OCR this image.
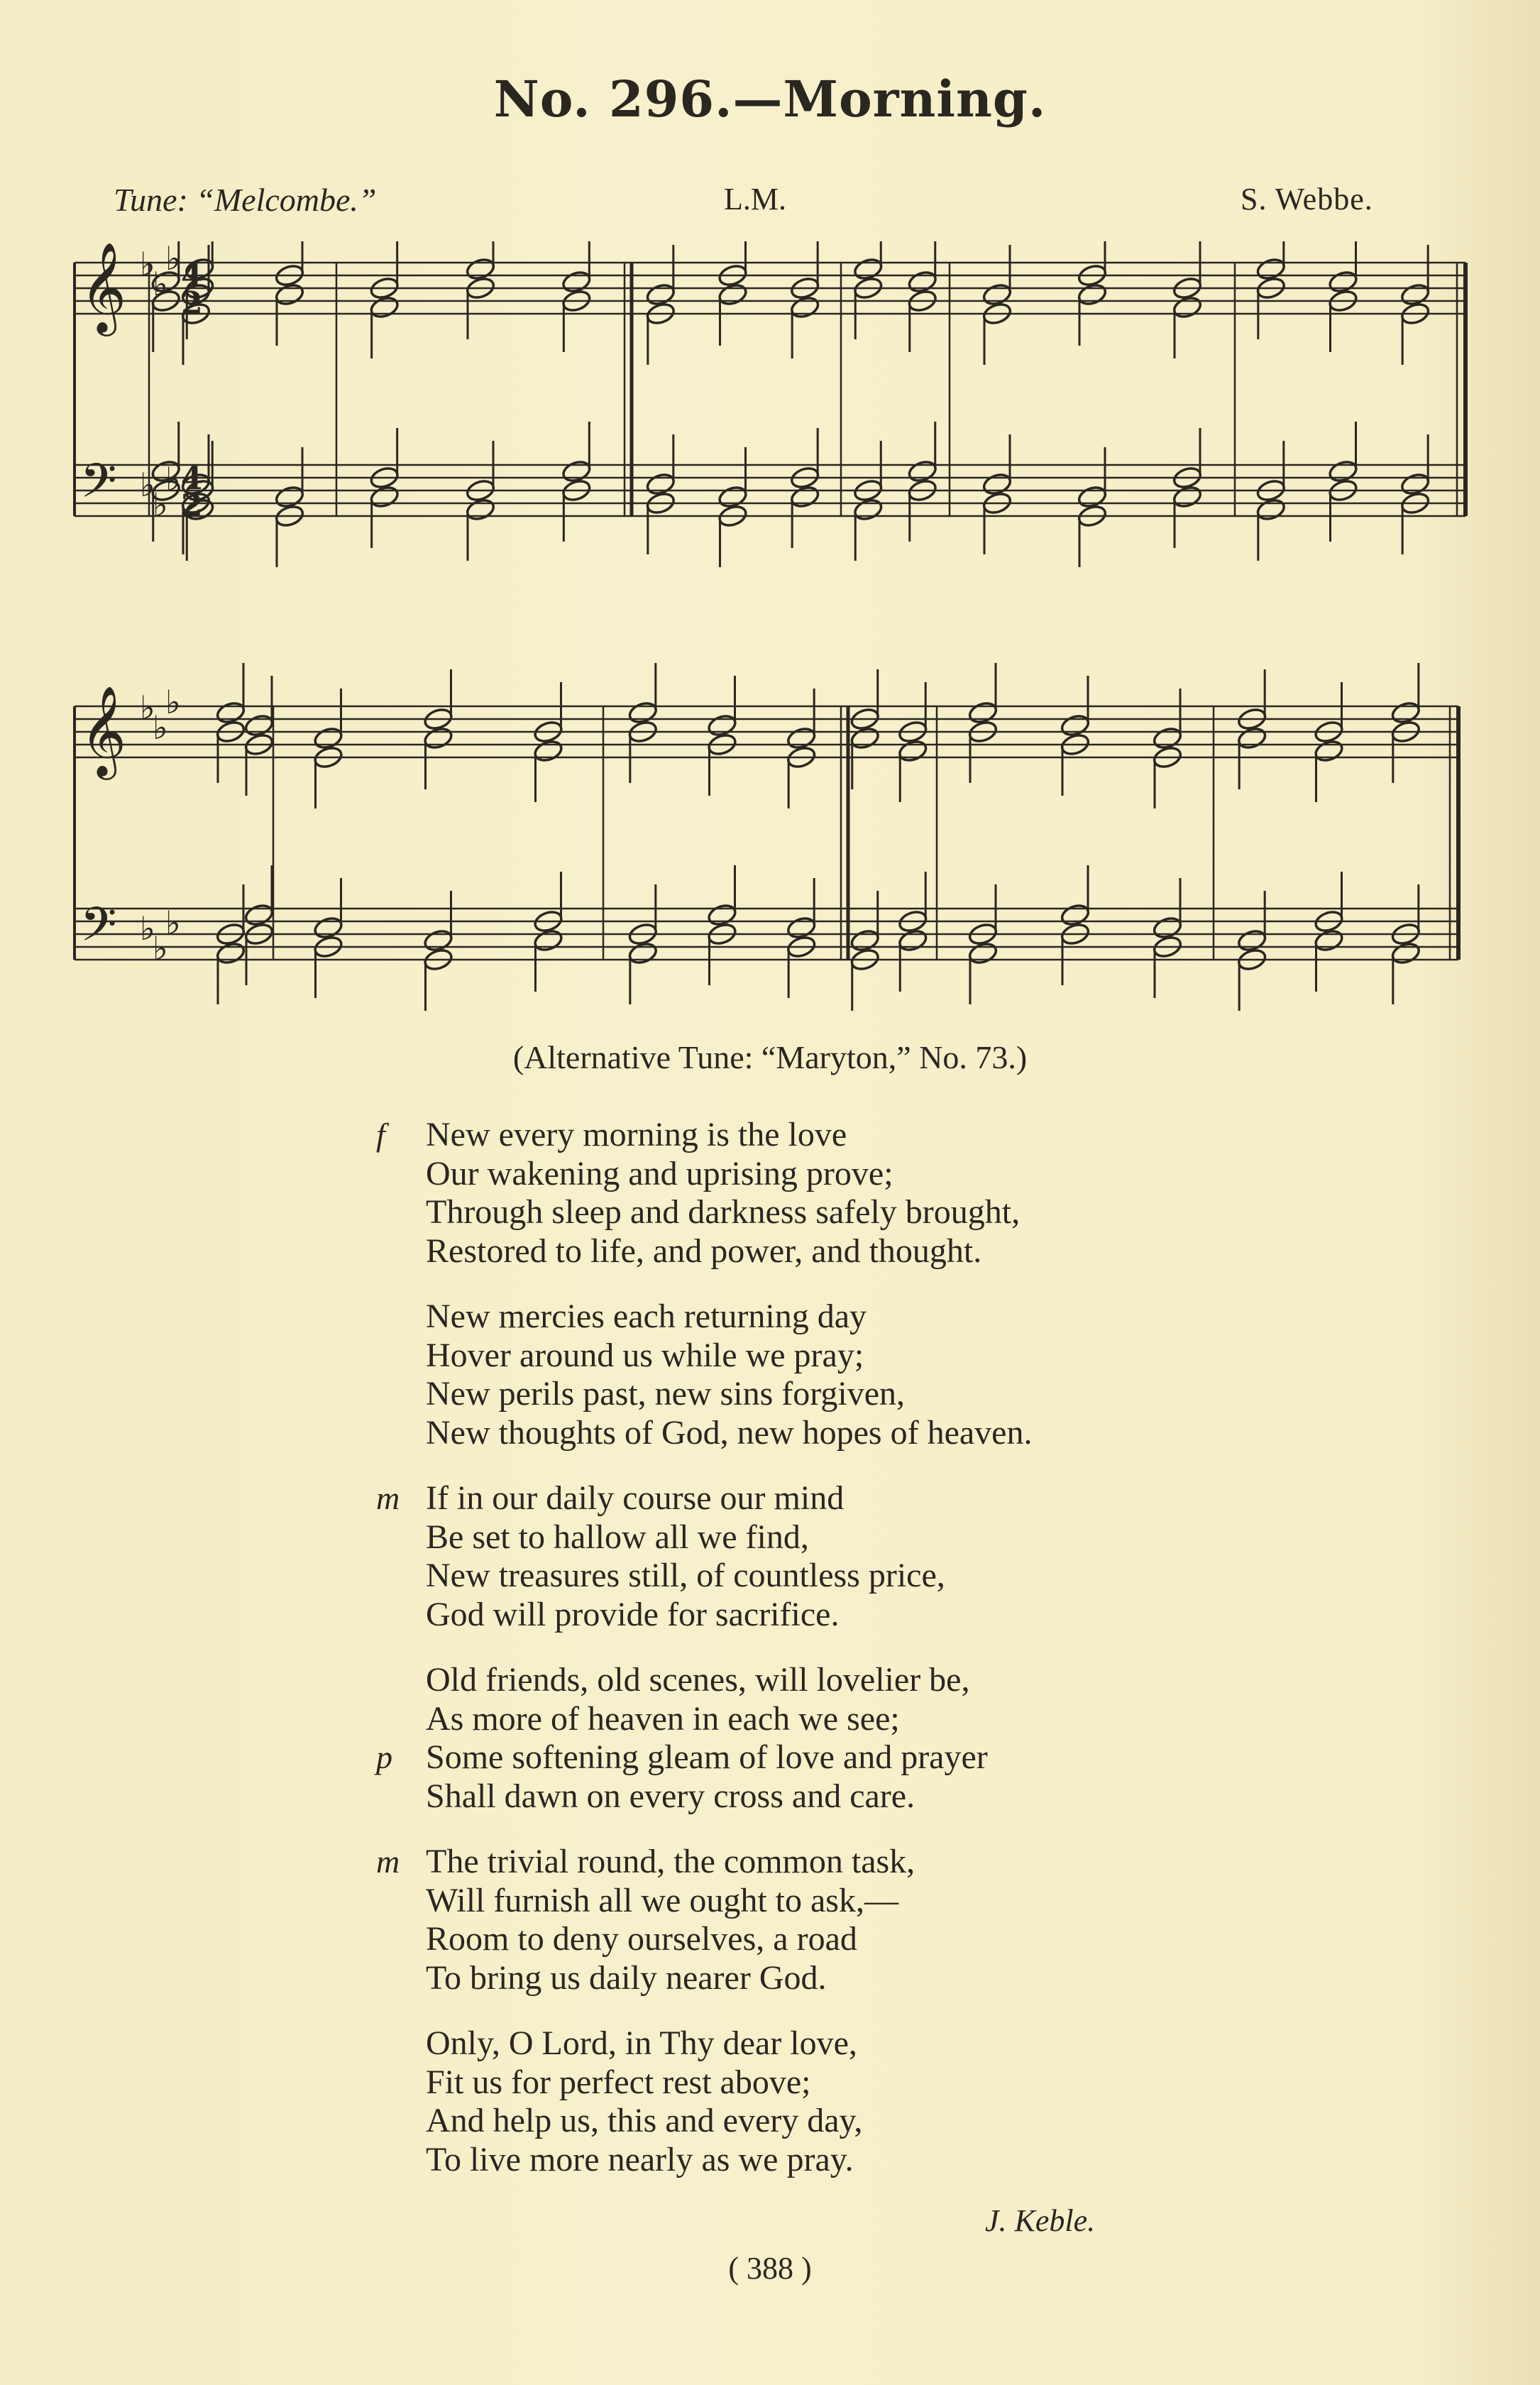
No. 296.—Morning.
Tune: “Melcombe.”	L.M.	S. Webbe.
𝄞 ♭
♭
♭ 4
2
𝄢 ♭
♭
♭ 4
2
𝄞 ♭
♭
♭
𝄢 ♭
♭
♭
(Alternative Tune: “Maryton,” No. 73.)
New every morning is the love
f
Our wakening and uprising prove;
Through sleep and darkness safely brought,
Restored to life, and power, and thought.
New mercies each returning day
Hover around us while we pray;
New perils past, new sins forgiven,
New thoughts of God, new hopes of heaven.
If in our daily course our mind
m
Be set to hallow all we find,
New treasures still, of countless price,
God will provide for sacrifice.
Old friends, old scenes, will lovelier be,
As more of heaven in each we see;
Some softening gleam of love and prayer
p
Shall dawn on every cross and care.
The trivial round, the common task,
m
Will furnish all we ought to ask,—
Room to deny ourselves, a road
To bring us daily nearer God.
Only, O Lord, in Thy dear love,
Fit us for perfect rest above;
And help us, this and every day,
To live more nearly as we pray.
J. Keble.
( 388 )
